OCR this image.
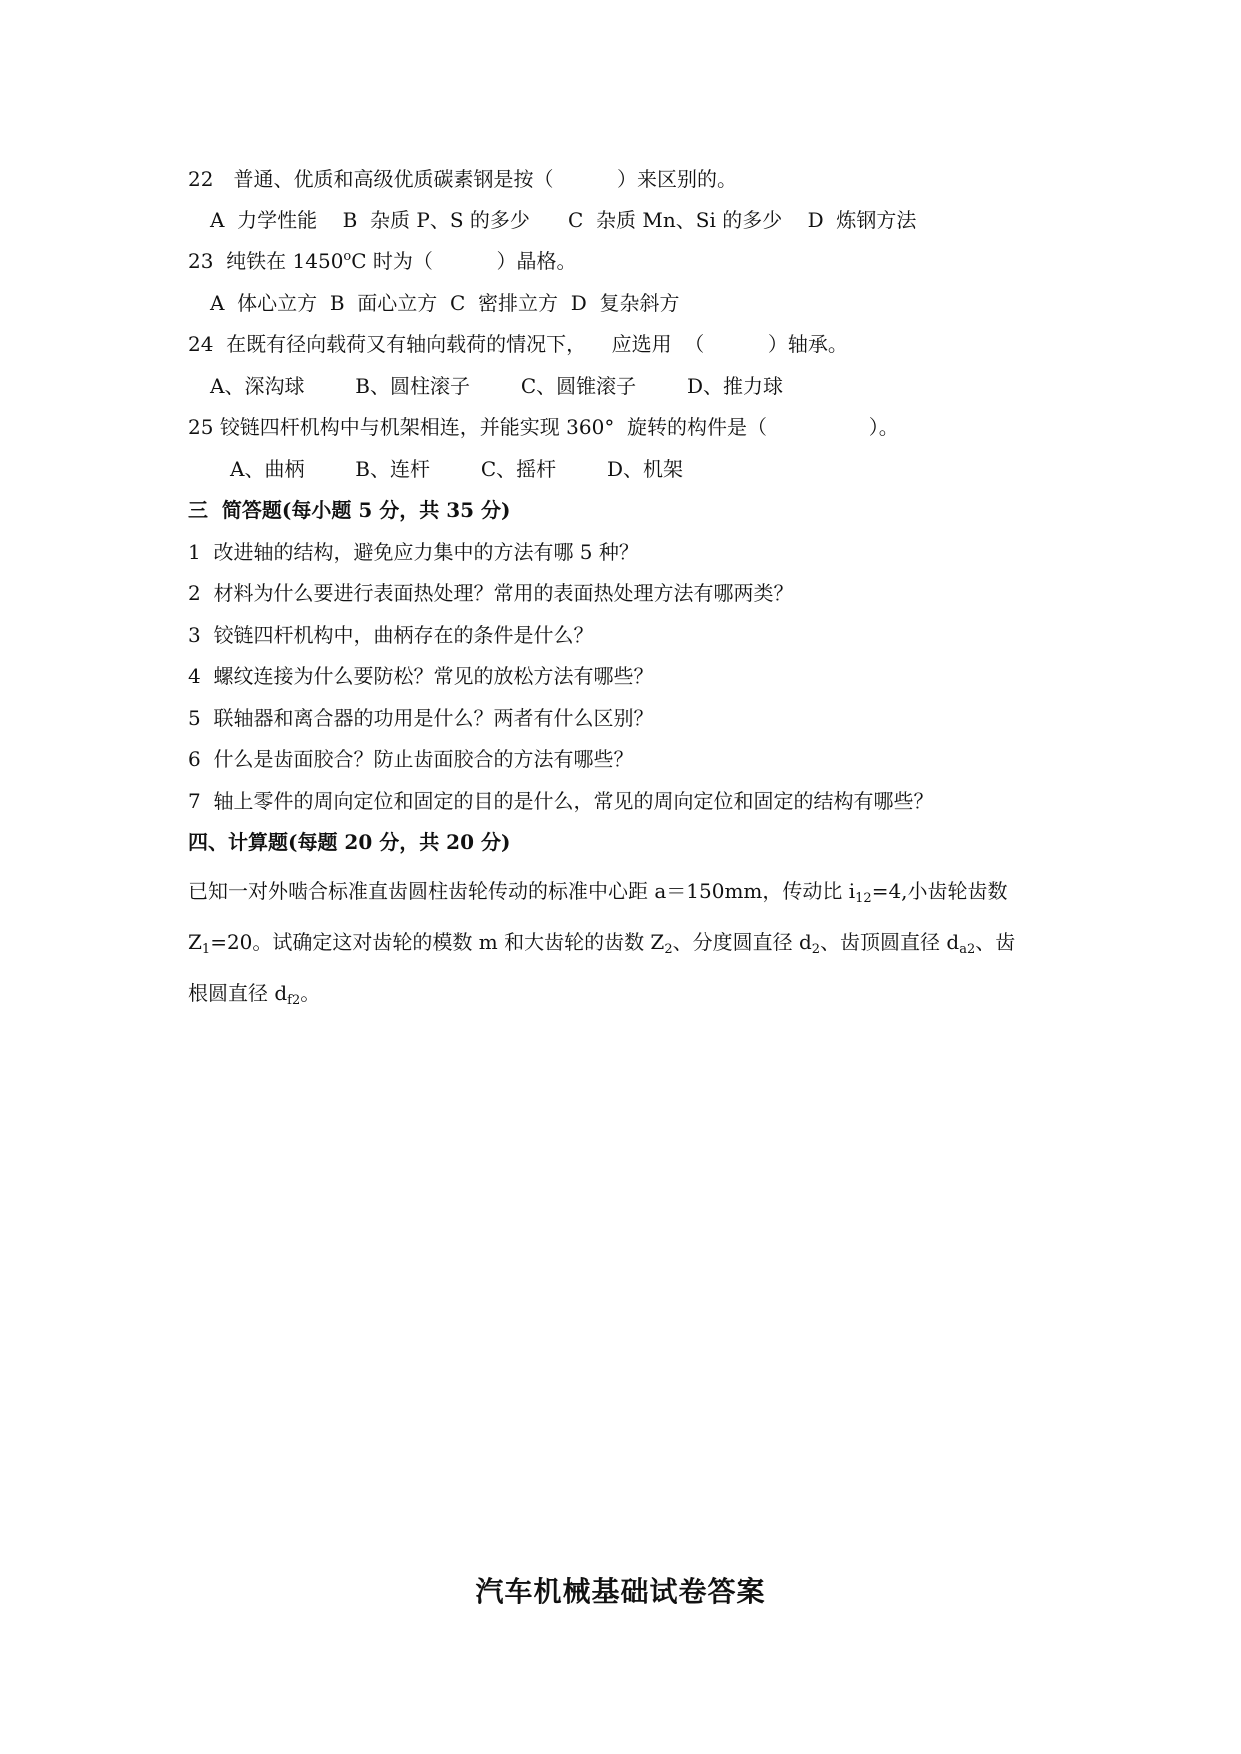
22　普通、优质和高级优质碳素钢是按（          ）来区别的。
A  力学性能    B  杂质 P、S 的多少      C  杂质 Mn、Si 的多少    D  炼钢方法
23  纯铁在 1450$^o$C 时为（          ）晶格。
A  体心立方  B  面心立方  C  密排立方  D  复杂斜方
24  在既有径向载荷又有轴向载荷的情况下，    应选用  （          ）轴承。
A、深沟球        B、圆柱滚子        C、圆锥滚子        D、推力球
25 铰链四杆机构中与机架相连，并能实现 360°  旋转的构件是（                ）。
A、曲柄        B、连杆        C、摇杆        D、机架
三  简答题(每小题 5 分，共 35 分)
1  改进轴的结构，避免应力集中的方法有哪 5 种？
2  材料为什么要进行表面热处理？常用的表面热处理方法有哪两类？
3  铰链四杆机构中，曲柄存在的条件是什么？
4  螺纹连接为什么要防松？常见的放松方法有哪些？
5  联轴器和离合器的功用是什么？两者有什么区别？
6  什么是齿面胶合？防止齿面胶合的方法有哪些？
7  轴上零件的周向定位和固定的目的是什么，常见的周向定位和固定的结构有哪些？
四、计算题(每题 20 分，共 20 分)
已知一对外啮合标准直齿圆柱齿轮传动的标准中心距 a＝150mm，传动比 $i_{12}=4$,小齿轮齿数
$Z_1=20$。试确定这对齿轮的模数 m 和大齿轮的齿数 $Z_2$、分度圆直径 $d_2$、齿顶圆直径 $d_{a2}$、齿
根圆直径 $d_{f2}$。
汽车机械基础试卷答案
